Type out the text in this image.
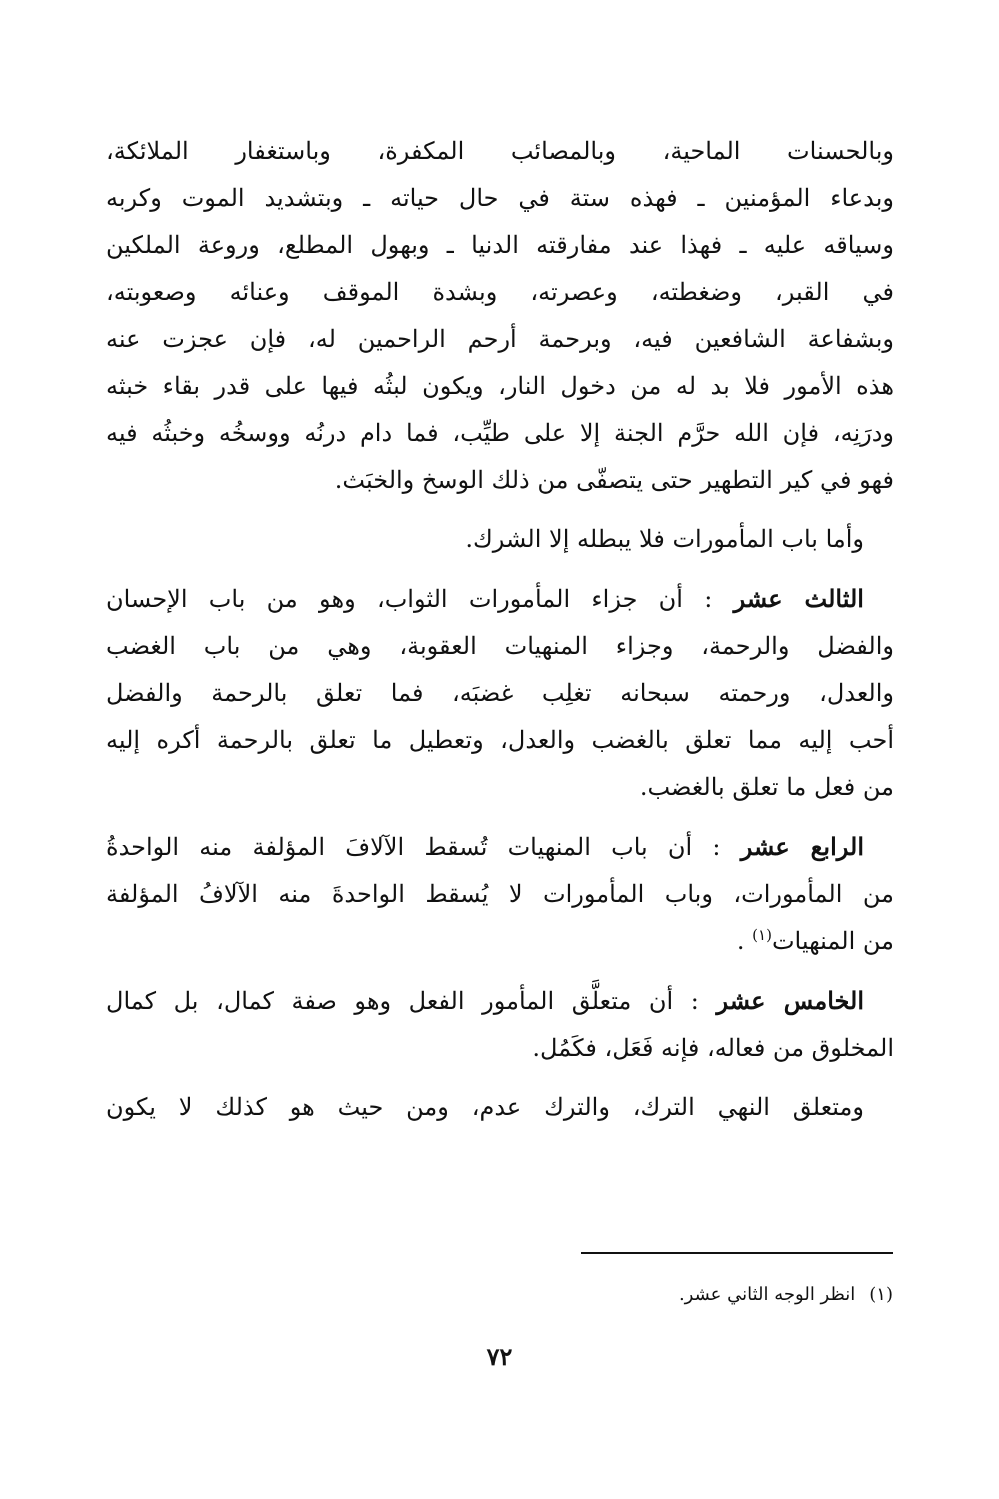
وبالحسنات الماحية، وبالمصائب المكفرة، وباستغفار الملائكة،
وبدعاء المؤمنين ـ فهذه ستة في حال حياته ـ وبتشديد الموت وكربه
وسياقه عليه ـ فهذا عند مفارقته الدنيا ـ وبهول المطلع، وروعة الملكين
في القبر، وضغطته، وعصرته، وبشدة الموقف وعنائه وصعوبته،
وبشفاعة الشافعين فيه، وبرحمة أرحم الراحمين له، فإن عجزت عنه
هذه الأمور فلا بد له من دخول النار، ويكون لبثُه فيها على قدر بقاء خبثه
ودرَنِه، فإن الله حرَّم الجنة إلا على طيِّب، فما دام درنُه ووسخُه وخبثُه فيه
فهو في كير التطهير حتى يتصفّى من ذلك الوسخ والخبَث.

وأما باب المأمورات فلا يبطله إلا الشرك.

الثالث عشر : أن جزاء المأمورات الثواب، وهو من باب الإحسان
والفضل والرحمة، وجزاء المنهيات العقوبة، وهي من باب الغضب
والعدل، ورحمته سبحانه تغلِب غضبَه، فما تعلق بالرحمة والفضل
أحب إليه مما تعلق بالغضب والعدل، وتعطيل ما تعلق بالرحمة أكره إليه
من فعل ما تعلق بالغضب.

الرابع عشر : أن باب المنهيات تُسقط الآلافَ المؤلفة منه الواحدةُ
من المأمورات، وباب المأمورات لا يُسقط الواحدةَ منه الآلافُ المؤلفة
من المنهيات$^{(١)}$ .

الخامس عشر : أن متعلَّق المأمور الفعل وهو صفة كمال، بل كمال
المخلوق من فعاله، فإنه فَعَل، فكَمُل.

ومتعلق النهي الترك، والترك عدم، ومن حيث هو كذلك لا يكون

(١)انظر الوجه الثاني عشر.
٧٢
